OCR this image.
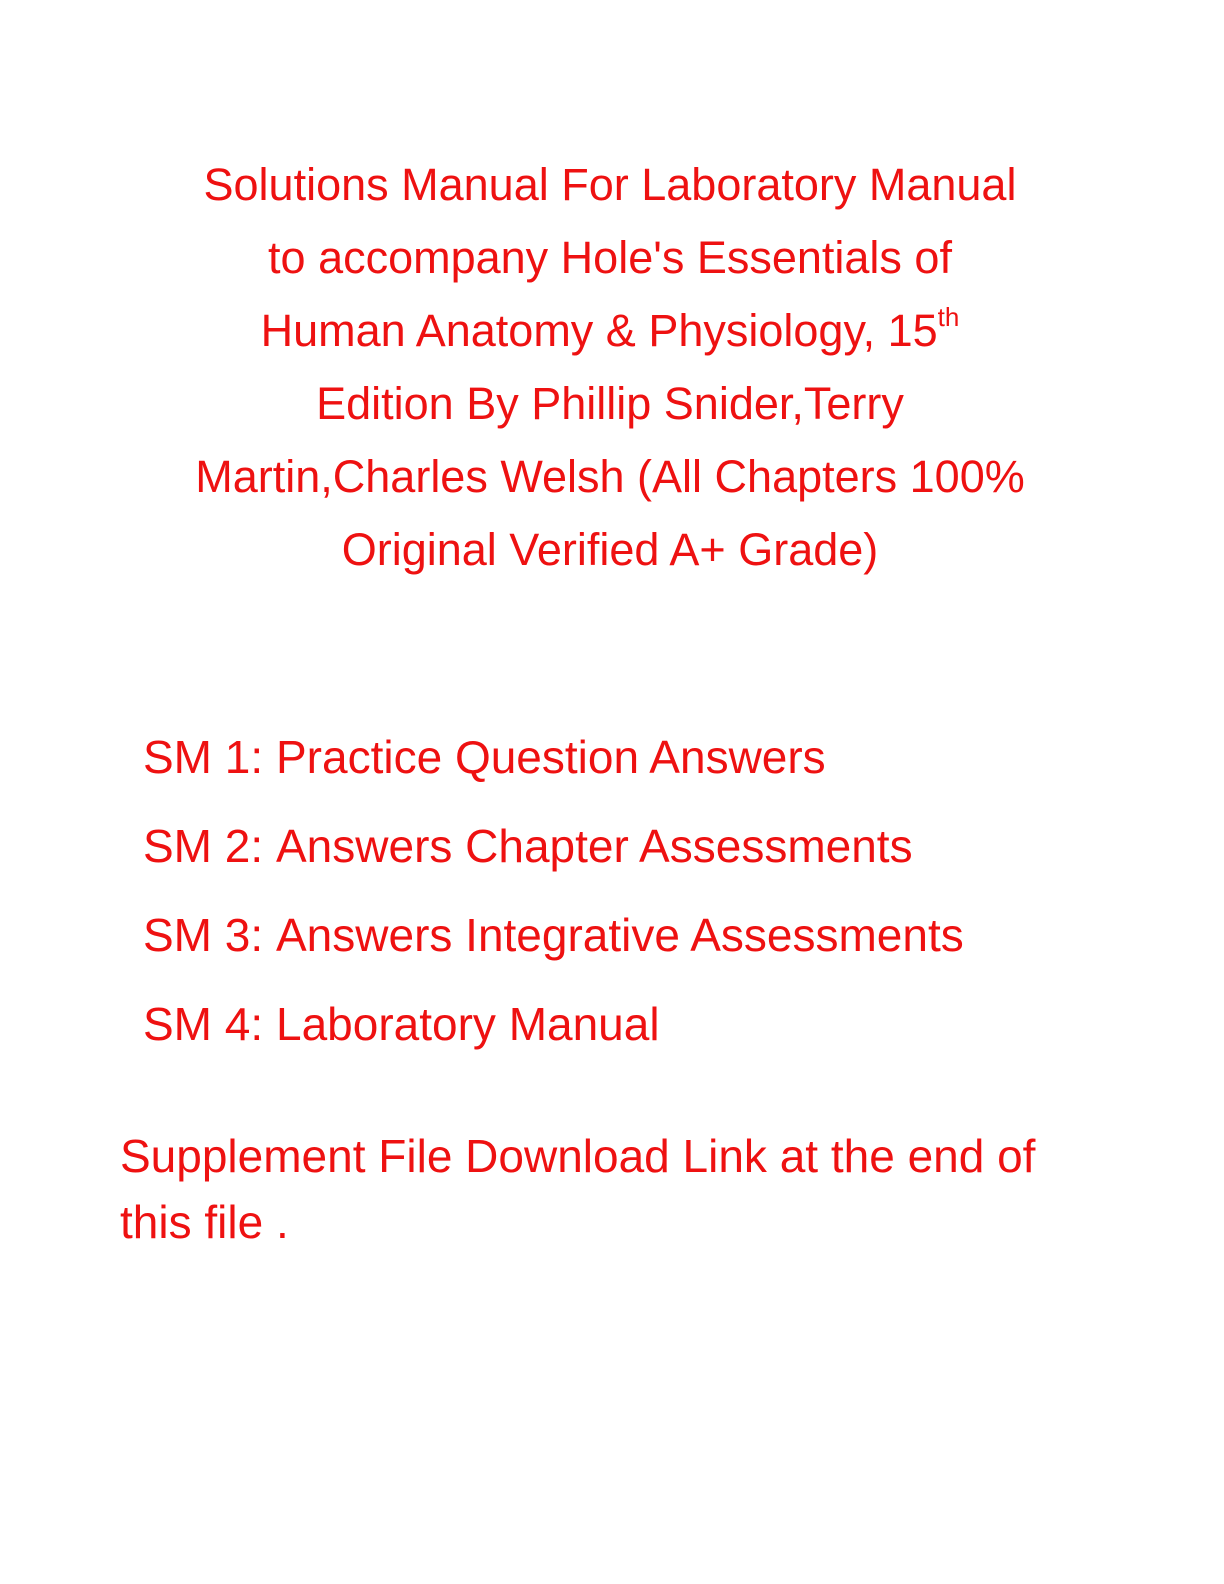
Solutions Manual For Laboratory Manual
to accompany Hole's Essentials of
Human Anatomy & Physiology, 15th
Edition By Phillip Snider,Terry
Martin,Charles Welsh (All Chapters 100%
Original Verified A+ Grade)
SM 1: Practice Question Answers
SM 2: Answers Chapter Assessments
SM 3: Answers Integrative Assessments
SM 4: Laboratory Manual
Supplement File Download Link at the end of
this file .
